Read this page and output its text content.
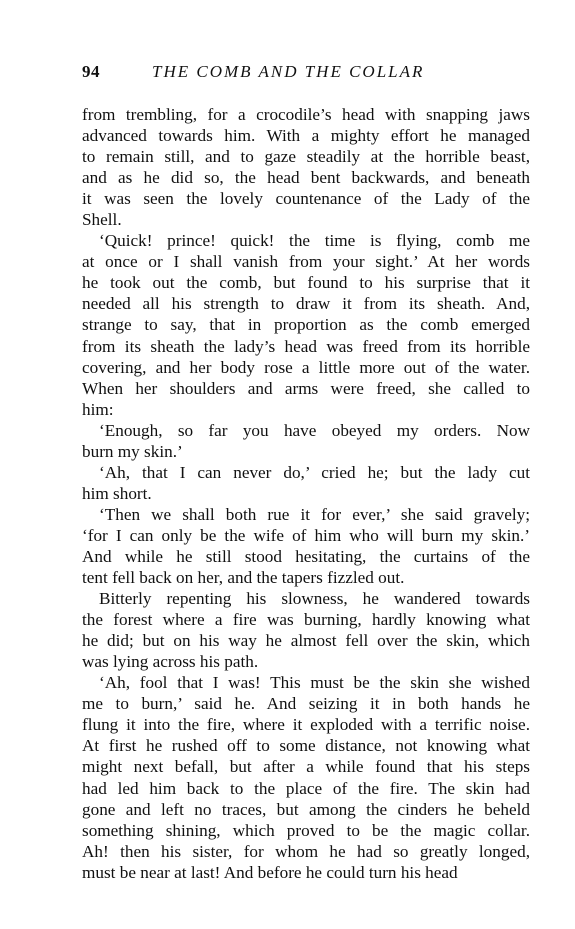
94	THE COMB AND THE COLLAR
from trembling, for a crocodile’s head with snapping jaws
advanced towards him. With a mighty effort he managed
to remain still, and to gaze steadily at the horrible beast,
and as he did so, the head bent backwards, and beneath
it was seen the lovely countenance of the Lady of the
Shell.
‘Quick! prince! quick! the time is flying, comb me
at once or I shall vanish from your sight.’ At her words
he took out the comb, but found to his surprise that it
needed all his strength to draw it from its sheath. And,
strange to say, that in proportion as the comb emerged
from its sheath the lady’s head was freed from its horrible
covering, and her body rose a little more out of the water.
When her shoulders and arms were freed, she called to
him:
‘Enough, so far you have obeyed my orders. Now
burn my skin.’
‘Ah, that I can never do,’ cried he; but the lady cut
him short.
‘Then we shall both rue it for ever,’ she said gravely;
‘for I can only be the wife of him who will burn my skin.’
And while he still stood hesitating, the curtains of the
tent fell back on her, and the tapers fizzled out.
Bitterly repenting his slowness, he wandered towards
the forest where a fire was burning, hardly knowing what
he did; but on his way he almost fell over the skin, which
was lying across his path.
‘Ah, fool that I was! This must be the skin she wished
me to burn,’ said he. And seizing it in both hands he
flung it into the fire, where it exploded with a terrific noise.
At first he rushed off to some distance, not knowing what
might next befall, but after a while found that his steps
had led him back to the place of the fire. The skin had
gone and left no traces, but among the cinders he beheld
something shining, which proved to be the magic collar.
Ah! then his sister, for whom he had so greatly longed,
must be near at last! And before he could turn his head
